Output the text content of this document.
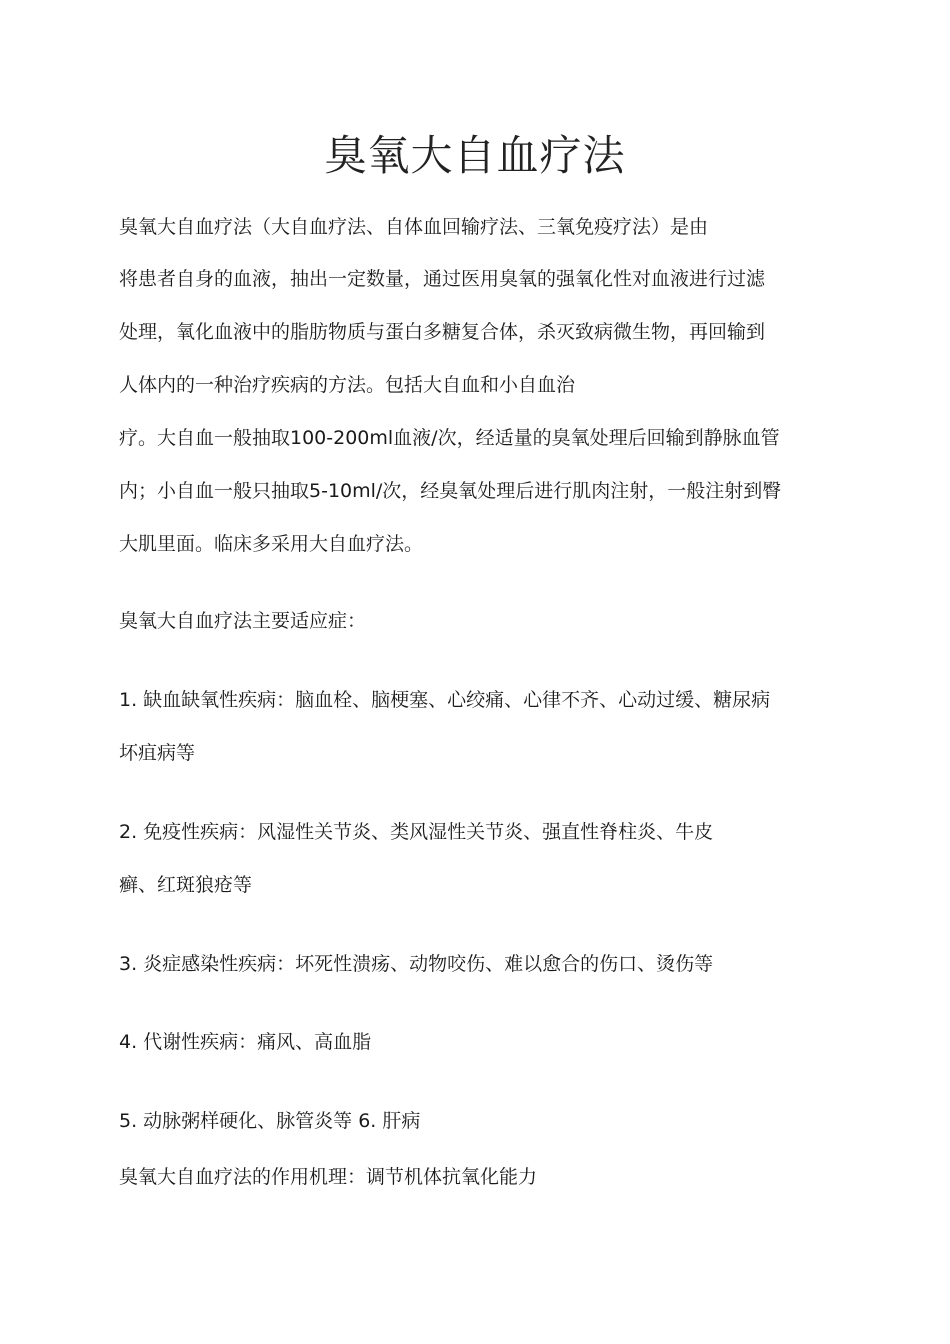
臭氧大自血疗法
臭氧大自血疗法（大自血疗法、自体血回输疗法、三氧免疫疗法）是由
将患者自身的血液，抽出一定数量，通过医用臭氧的强氧化性对血液进行过滤
处理，氧化血液中的脂肪物质与蛋白多糖复合体，杀灭致病微生物，再回输到
人体内的一种治疗疾病的方法。包括大自血和小自血治
疗。大自血一般抽取100-200ml血液/次，经适量的臭氧处理后回输到静脉血管
内；小自血一般只抽取5-10ml/次，经臭氧处理后进行肌肉注射，一般注射到臀
大肌里面。临床多采用大自血疗法。
臭氧大自血疗法主要适应症：
1. 缺血缺氧性疾病：脑血栓、脑梗塞、心绞痛、心律不齐、心动过缓、糖尿病
坏疽病等
2. 免疫性疾病：风湿性关节炎、类风湿性关节炎、强直性脊柱炎、牛皮
癣、红斑狼疮等
3. 炎症感染性疾病：坏死性溃疡、动物咬伤、难以愈合的伤口、烫伤等
4. 代谢性疾病：痛风、高血脂
5. 动脉粥样硬化、脉管炎等 6. 肝病
臭氧大自血疗法的作用机理：调节机体抗氧化能力
